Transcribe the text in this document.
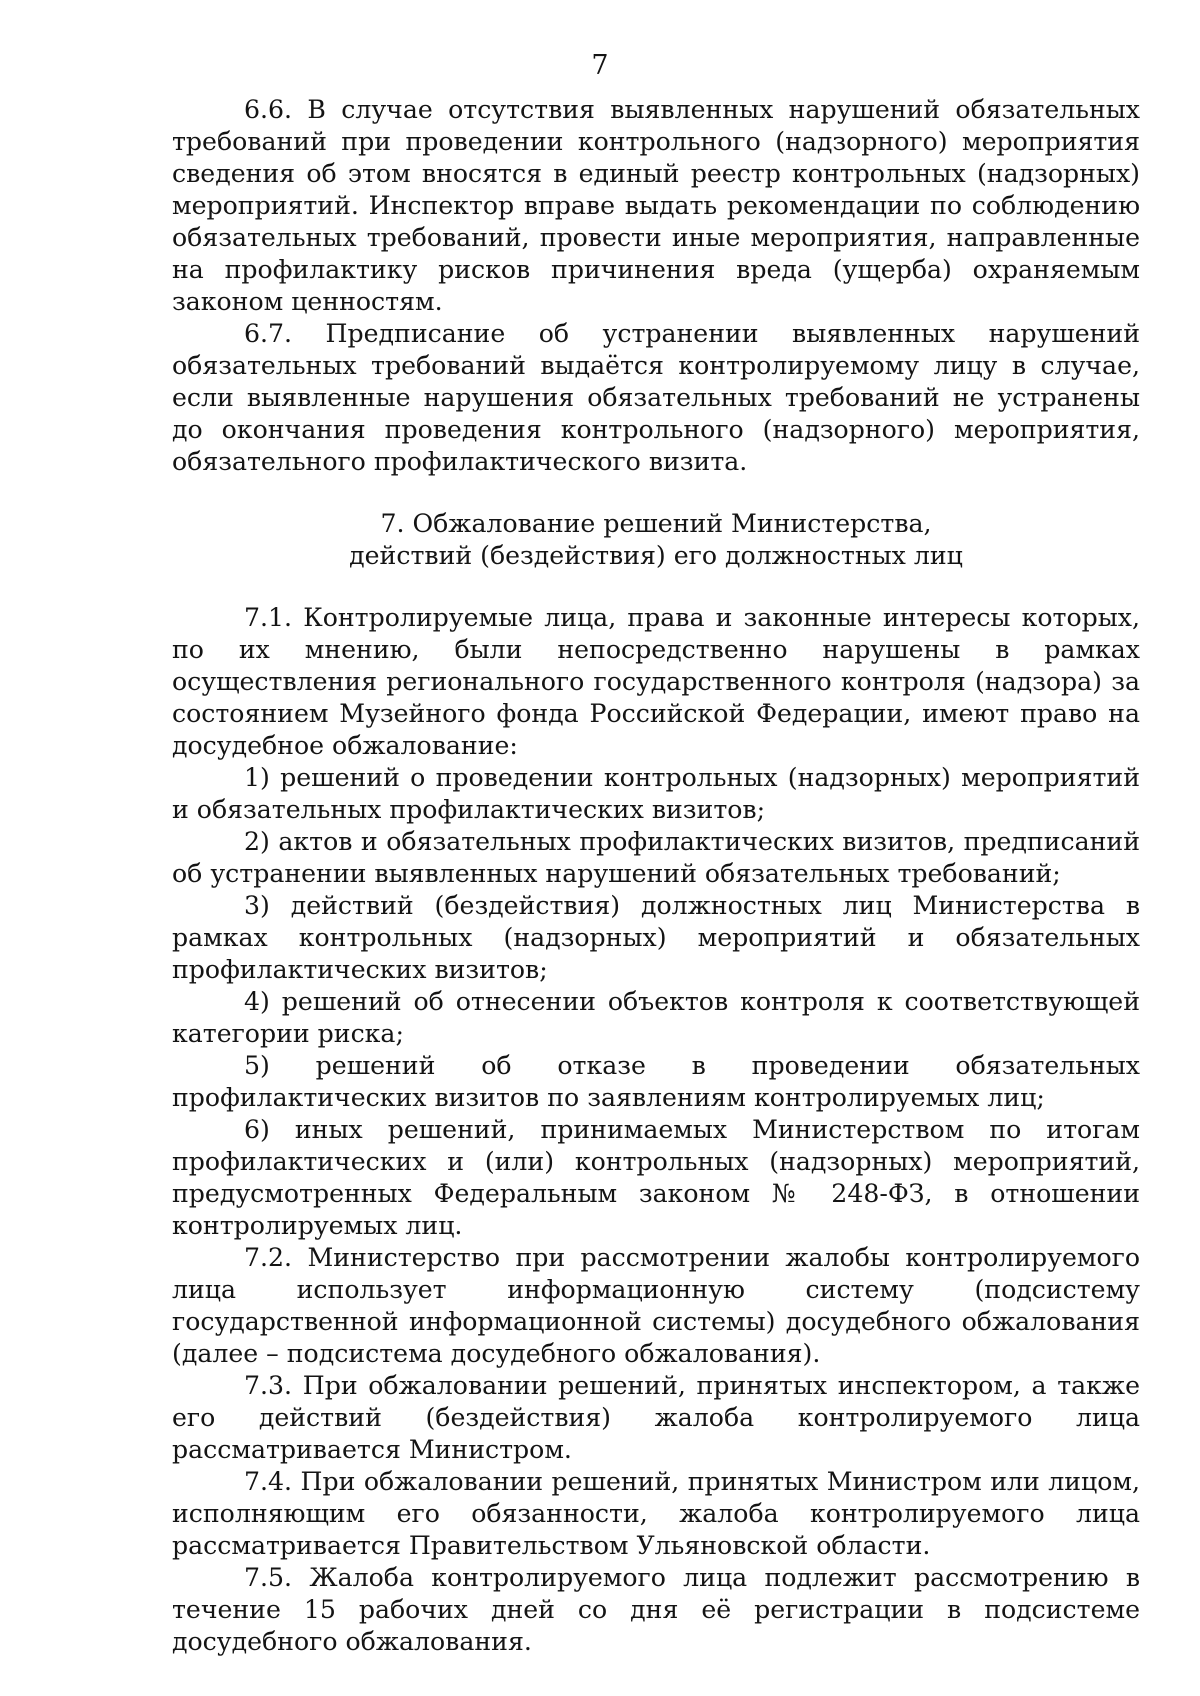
7

6.6. В случае отсутствия выявленных нарушений обязательных требований при проведении контрольного (надзорного) мероприятия сведения об этом вносятся в единый реестр контрольных (надзорных) мероприятий. Инспектор вправе выдать рекомендации по соблюдению обязательных требований, провести иные мероприятия, направленные на профилактику рисков причинения вреда (ущерба) охраняемым законом ценностям.

6.7. Предписание об устранении выявленных нарушений обязательных требований выдаётся контролируемому лицу в случае, если выявленные нарушения обязательных требований не устранены до окончания проведения контрольного (надзорного) мероприятия, обязательного профилактического визита.

7. Обжалование решений Министерства,
действий (бездействия) его должностных лиц

7.1. Контролируемые лица, права и законные интересы которых, по их мнению, были непосредственно нарушены в рамках осуществления регионального государственного контроля (надзора) за состоянием Музейного фонда Российской Федерации, имеют право на досудебное обжалование:

1) решений о проведении контрольных (надзорных) мероприятий и обязательных профилактических визитов;

2) актов и обязательных профилактических визитов, предписаний об устранении выявленных нарушений обязательных требований;

3) действий (бездействия) должностных лиц Министерства в рамках контрольных (надзорных) мероприятий и обязательных профилактических визитов;

4) решений об отнесении объектов контроля к соответствующей категории риска;

5) решений об отказе в проведении обязательных профилактических визитов по заявлениям контролируемых лиц;

6) иных решений, принимаемых Министерством по итогам профилактических и (или) контрольных (надзорных) мероприятий, предусмотренных Федеральным законом № 248-ФЗ, в отношении контролируемых лиц.

7.2. Министерство при рассмотрении жалобы контролируемого лица использует информационную систему (подсистему государственной информационной системы) досудебного обжалования (далее – подсистема досудебного обжалования).

7.3. При обжаловании решений, принятых инспектором, а также его действий (бездействия) жалоба контролируемого лица рассматривается Министром.

7.4. При обжаловании решений, принятых Министром или лицом, исполняющим его обязанности, жалоба контролируемого лица рассматривается Правительством Ульяновской области.

7.5. Жалоба контролируемого лица подлежит рассмотрению в течение 15 рабочих дней со дня её регистрации в подсистеме досудебного обжалования.
